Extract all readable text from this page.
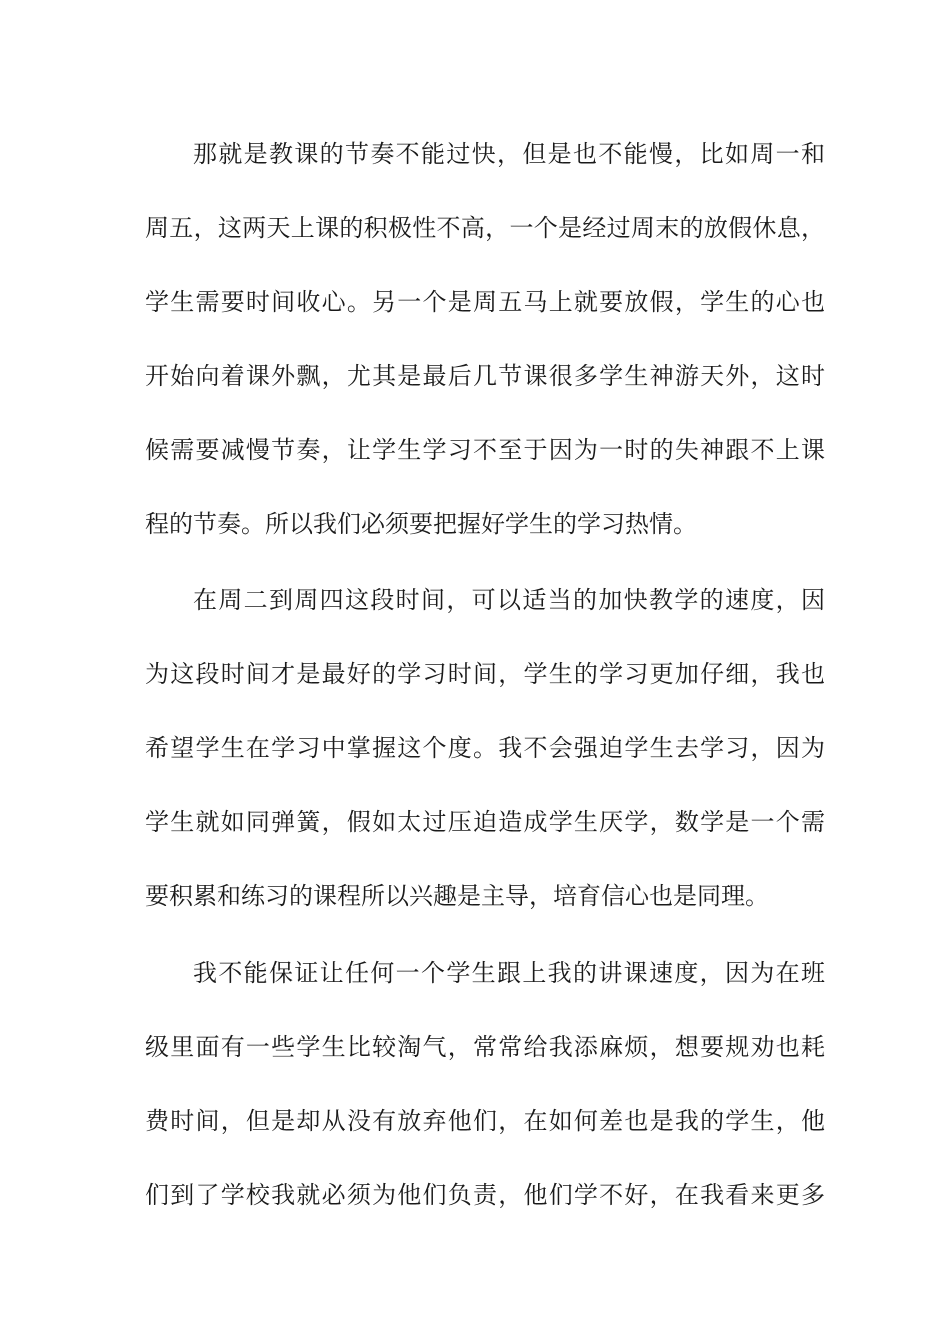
那就是教课的节奏不能过快，但是也不能慢，比如周一和

周五，这两天上课的积极性不高，一个是经过周末的放假休息，

学生需要时间收心。另一个是周五马上就要放假，学生的心也

开始向着课外飘，尤其是最后几节课很多学生神游天外，这时

候需要减慢节奏，让学生学习不至于因为一时的失神跟不上课

程的节奏。所以我们必须要把握好学生的学习热情。

在周二到周四这段时间，可以适当的加快教学的速度，因

为这段时间才是最好的学习时间，学生的学习更加仔细，我也

希望学生在学习中掌握这个度。我不会强迫学生去学习，因为

学生就如同弹簧，假如太过压迫造成学生厌学，数学是一个需

要积累和练习的课程所以兴趣是主导，培育信心也是同理。

我不能保证让任何一个学生跟上我的讲课速度，因为在班

级里面有一些学生比较淘气，常常给我添麻烦，想要规劝也耗

费时间，但是却从没有放弃他们，在如何差也是我的学生，他

们到了学校我就必须为他们负责，他们学不好，在我看来更多
